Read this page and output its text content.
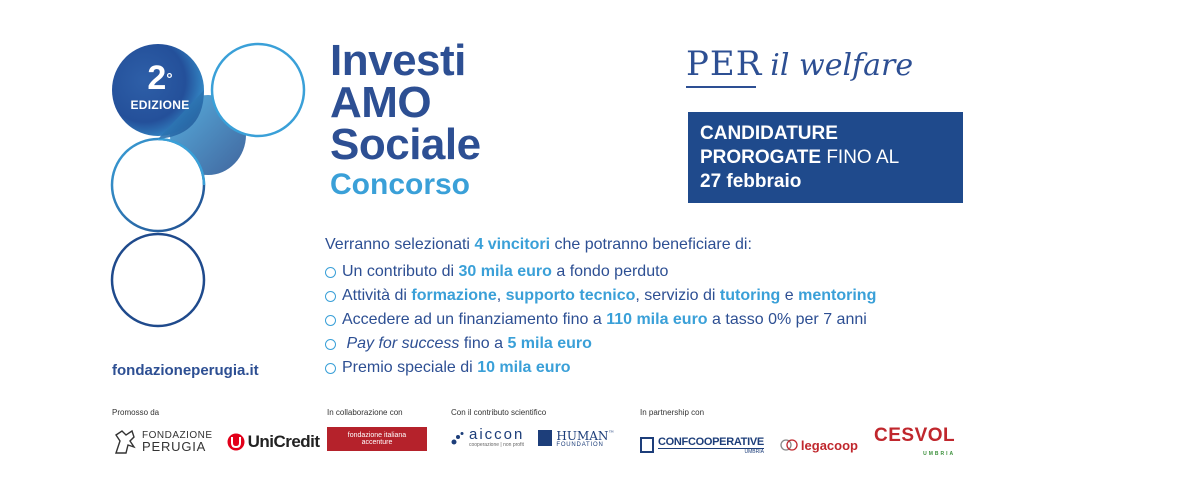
2°
EDIZIONE
fondazioneperugia.it
Investi
AMO
Sociale
Concorso
PER il welfare
CANDIDATURE
PROROGATE FINO AL
27 febbraio
Verranno selezionati 4 vincitori che potranno beneficiare di:
Un contributo di
30 mila euro
a fondo perduto
Attività di
formazione ,
supporto tecnico , servizio di
tutoring
e
mentoring
Accedere ad un finanziamento fino a
110 mila euro
a tasso 0% per 7 anni

Pay for success
fino a
5 mila euro
Premio speciale di
10 mila euro
Promosso da
FONDAZIONE
PERUGIA	UniCredit
In collaborazione con
fondazione italiana accenture
Con il contributo scientifico
aiccon
cooperazione | non profit
HUMAN™
FOUNDATION
In partnership con
CONFCOOPERATIVE
UMBRIA	legacoop CESVOL
UMBRIA
